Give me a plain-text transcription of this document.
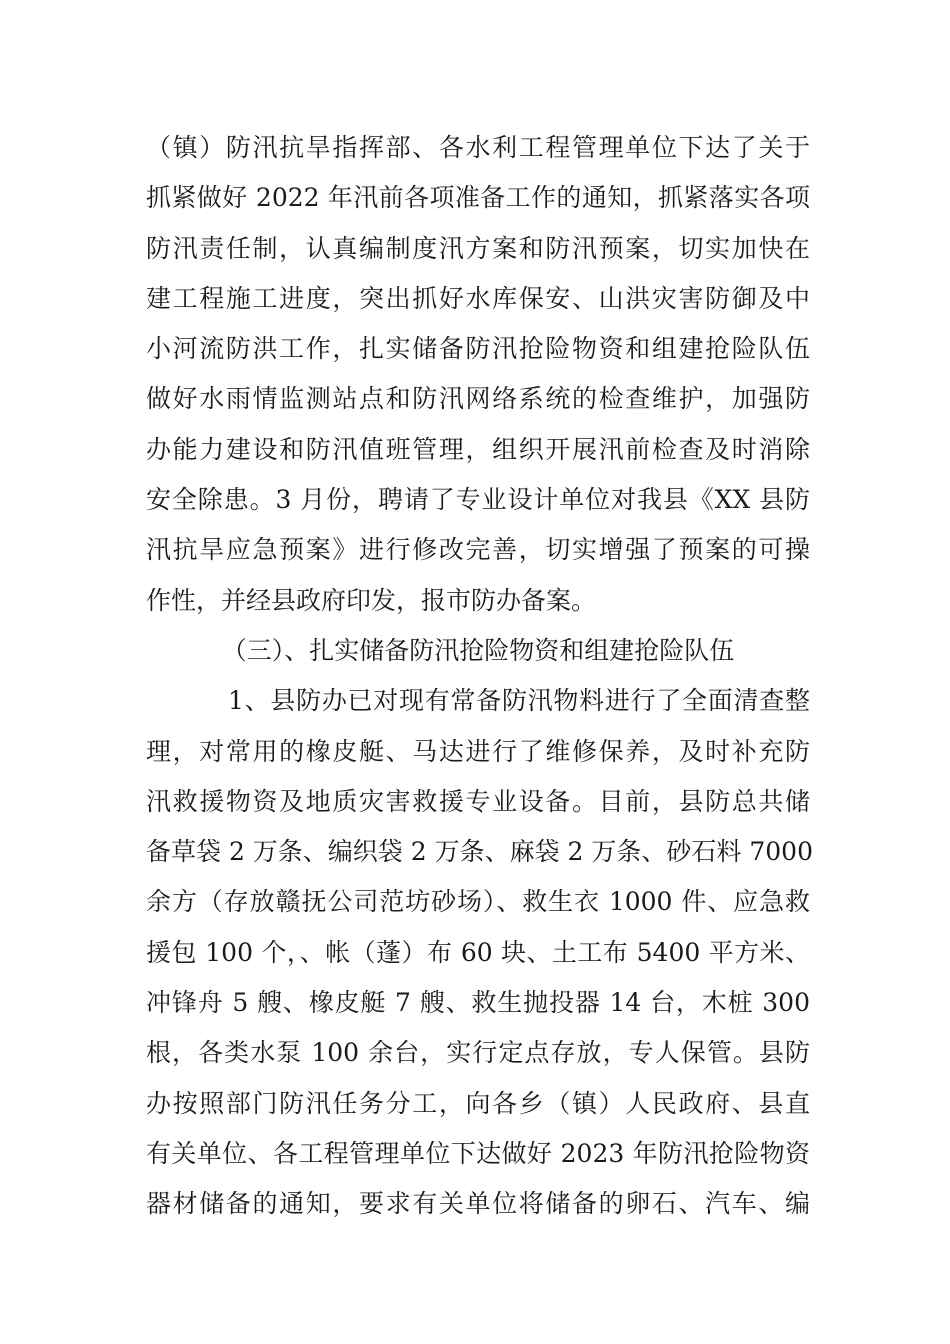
（镇）防汛抗旱指挥部、各水利工程管理单位下达了关于
抓紧做好 2022 年汛前各项准备工作的通知，抓紧落实各项
防汛责任制，认真编制度汛方案和防汛预案，切实加快在
建工程施工进度，突出抓好水库保安、山洪灾害防御及中
小河流防洪工作，扎实储备防汛抢险物资和组建抢险队伍
做好水雨情监测站点和防汛网络系统的检查维护，加强防
办能力建设和防汛值班管理，组织开展汛前检查及时消除
安全除患。3 月份，聘请了专业设计单位对我县《XX 县防
汛抗旱应急预案》进行修改完善，切实增强了预案的可操
作性，并经县政府印发，报市防办备案。
（三）、扎实储备防汛抢险物资和组建抢险队伍
1、县防办已对现有常备防汛物料进行了全面清查整
理，对常用的橡皮艇、马达进行了维修保养，及时补充防
汛救援物资及地质灾害救援专业设备。目前，县防总共储
备草袋 2 万条、编织袋 2 万条、麻袋 2 万条、砂石料 7000
余方（存放赣抚公司范坊砂场）、救生衣 1000 件、应急救
援包 100 个，、帐（蓬）布 60 块、土工布 5400 平方米、
冲锋舟 5 艘、橡皮艇 7 艘、救生抛投器 14 台，木桩 300
根，各类水泵 100 余台，实行定点存放，专人保管。县防
办按照部门防汛任务分工，向各乡（镇）人民政府、县直
有关单位、各工程管理单位下达做好 2023 年防汛抢险物资
器材储备的通知，要求有关单位将储备的卵石、汽车、编
